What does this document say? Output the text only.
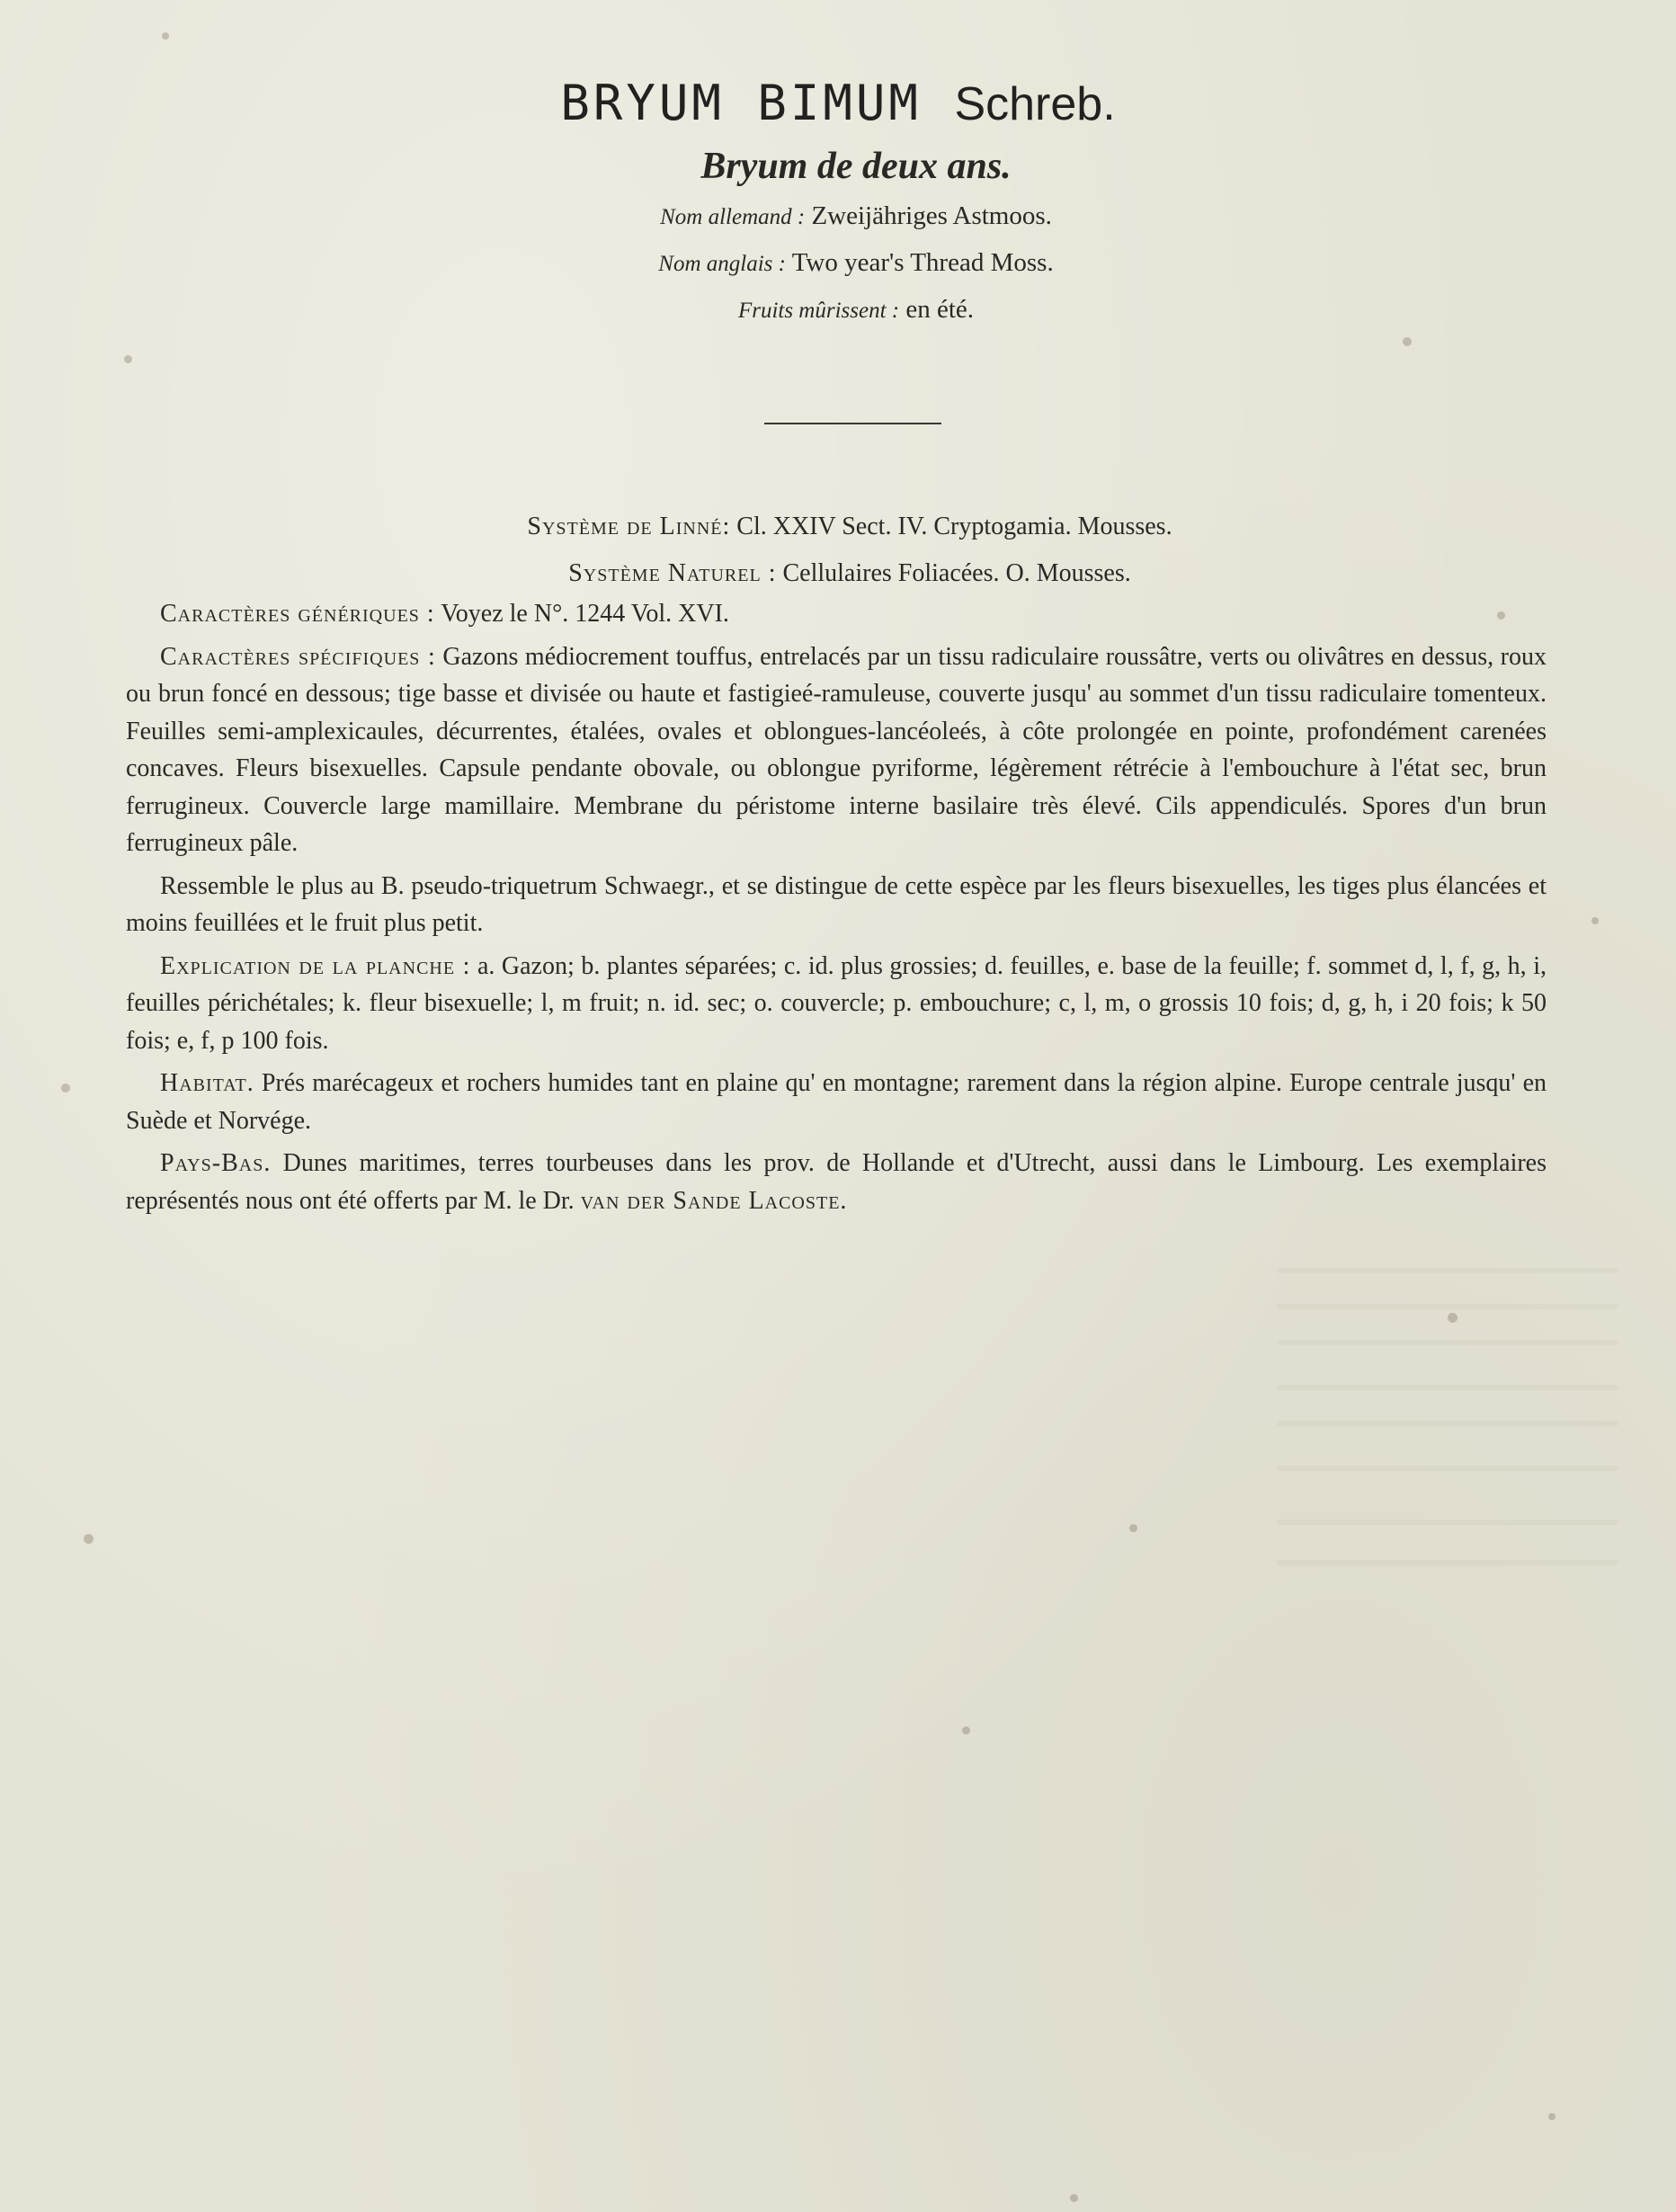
BRYUM BIMUM Schreb.
Bryum de deux ans.
Nom allemand : Zweijähriges Astmoos.
Nom anglais : Two year's Thread Moss.
Fruits mûrissent : en été.
Système de Linné: Cl. XXIV Sect. IV. Cryptogamia. Mousses.
Système Naturel : Cellulaires Foliacées. O. Mousses.

Caractères génériques : Voyez le N°. 1244 Vol. XVI.

Caractères spécifiques : Gazons médiocrement touffus, entrelacés par un tissu radiculaire roussâtre, verts ou olivâtres en dessus, roux ou brun foncé en dessous; tige basse et divisée ou haute et fastigieé-ramuleuse, couverte jusqu' au sommet d'un tissu radiculaire tomenteux. Feuilles semi-amplexicaules, décurrentes, étalées, ovales et oblongues-lancéoleés, à côte prolongée en pointe, profondément carenées concaves. Fleurs bisexuelles. Capsule pendante obovale, ou oblongue pyriforme, légèrement rétrécie à l'embouchure à l'état sec, brun ferrugineux. Couvercle large mamillaire. Membrane du péristome interne basilaire très élevé. Cils appendiculés. Spores d'un brun ferrugineux pâle.

Ressemble le plus au B. pseudo-triquetrum Schwaegr., et se distingue de cette espèce par les fleurs bisexuelles, les tiges plus élancées et moins feuillées et le fruit plus petit.

Explication de la planche : a. Gazon; b. plantes séparées; c. id. plus grossies; d. feuilles, e. base de la feuille; f. sommet d, l, f, g, h, i, feuilles périchétales; k. fleur bisexuelle; l, m fruit; n. id. sec; o. couvercle; p. embouchure; c, l, m, o grossis 10 fois; d, g, h, i 20 fois; k 50 fois; e, f, p 100 fois.

Habitat. Prés marécageux et rochers humides tant en plaine qu' en montagne; rarement dans la région alpine. Europe centrale jusqu' en Suède et Norvége.

Pays-Bas. Dunes maritimes, terres tourbeuses dans les prov. de Hollande et d'Utrecht, aussi dans le Limbourg. Les exemplaires représentés nous ont été offerts par M. le Dr. van der Sande Lacoste.
